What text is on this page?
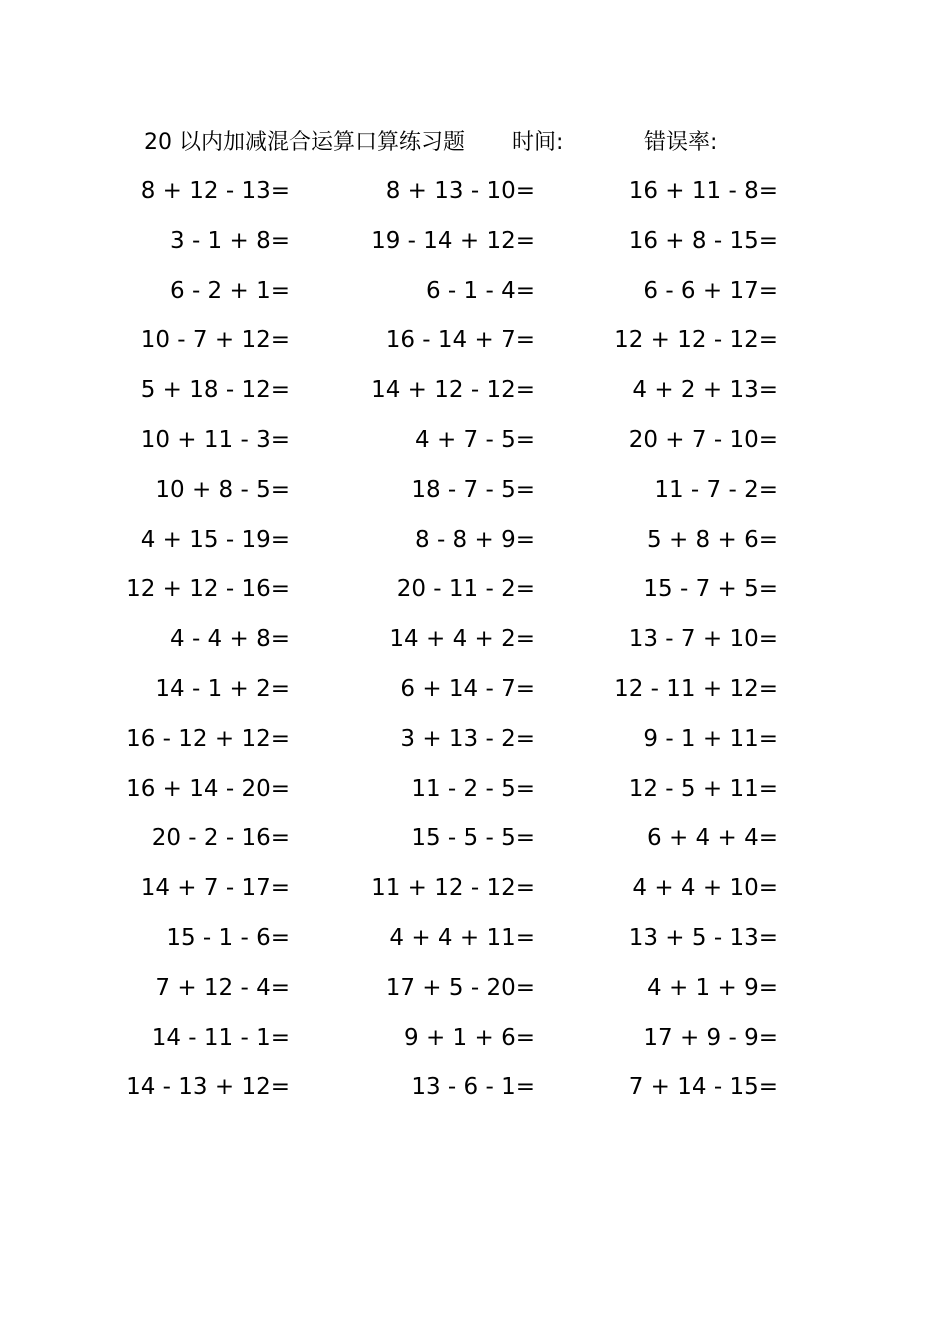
20 以内加减混合运算口算练习题 时间:	错误率:
8 + 12 - 13=	8 + 13 - 10=	16 + 11 - 8=
3 - 1 + 8=	19 - 14 + 12=	16 + 8 - 15=
6 - 2 + 1=	6 - 1 - 4=	6 - 6 + 17=
10 - 7 + 12=	16 - 14 + 7=	12 + 12 - 12=
5 + 18 - 12=	14 + 12 - 12=	4 + 2 + 13=
10 + 11 - 3=	4 + 7 - 5=	20 + 7 - 10=
10 + 8 - 5=	18 - 7 - 5=	11 - 7 - 2=
4 + 15 - 19=	8 - 8 + 9=	5 + 8 + 6=
12 + 12 - 16=	20 - 11 - 2=	15 - 7 + 5=
4 - 4 + 8=	14 + 4 + 2=	13 - 7 + 10=
14 - 1 + 2=	6 + 14 - 7=	12 - 11 + 12=
16 - 12 + 12=	3 + 13 - 2=	9 - 1 + 11=
16 + 14 - 20=	11 - 2 - 5=	12 - 5 + 11=
20 - 2 - 16=	15 - 5 - 5=	6 + 4 + 4=
14 + 7 - 17=	11 + 12 - 12=	4 + 4 + 10=
15 - 1 - 6=	4 + 4 + 11=	13 + 5 - 13=
7 + 12 - 4=	17 + 5 - 20=	4 + 1 + 9=
14 - 11 - 1=	9 + 1 + 6=	17 + 9 - 9=
14 - 13 + 12=	13 - 6 - 1=	7 + 14 - 15=
